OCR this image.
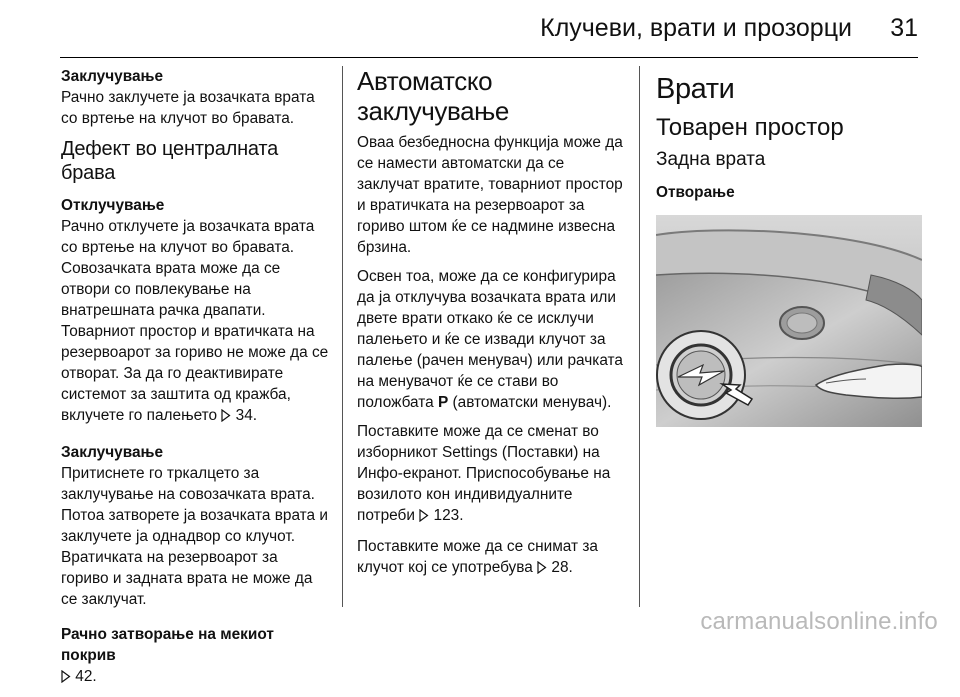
Клучеви, врати и прозорци 31

Заклучување
Рачно заклучете ја возачката врата со вртење на клучот во бравата.

Дефект во централната брава

Отклучување
Рачно отклучете ја возачката врата со вртење на клучот во бравата. Совозачката врата може да се отвори со повлекување на внатрешната рачка двапати. Товарниот простор и вратичката на резервоарот за гориво не може да се отворат. За да го деактивирате системот за заштита од кражба, вклучете го палењето 34.

Заклучување
Притиснете го тркалцето за заклучување на совозачката врата. Потоа затворете ја возачката врата и заклучете ја однадвор со клучот. Вратичката на резервоарот за гориво и задната врата не може да се заклучат.

Рачно затворање на мекиот покрив
42.

Автоматско заклучување

Оваа безбедносна функција може да се намести автоматски да се заклучат вратите, товарниот простор и вратичката на резервоарот за гориво штом ќе се надмине извесна брзина.

Освен тоа, може да се конфигурира да ја отклучува возачката врата или двете врати откако ќе се исклучи палењето и ќе се извади клучот за палење (рачен менувач) или рачката на менувачот ќе се стави во положбата P (автоматски менувач).

Поставките може да се сменат во изборникот Settings (Поставки) на Инфо-екранот. Приспособување на возилото кон индивидуалните потреби 123.

Поставките може да се снимат за клучот кој се употребува 28.

Врати
Товарен простор
Задна врата
Отворање
carmanualsonline.info
